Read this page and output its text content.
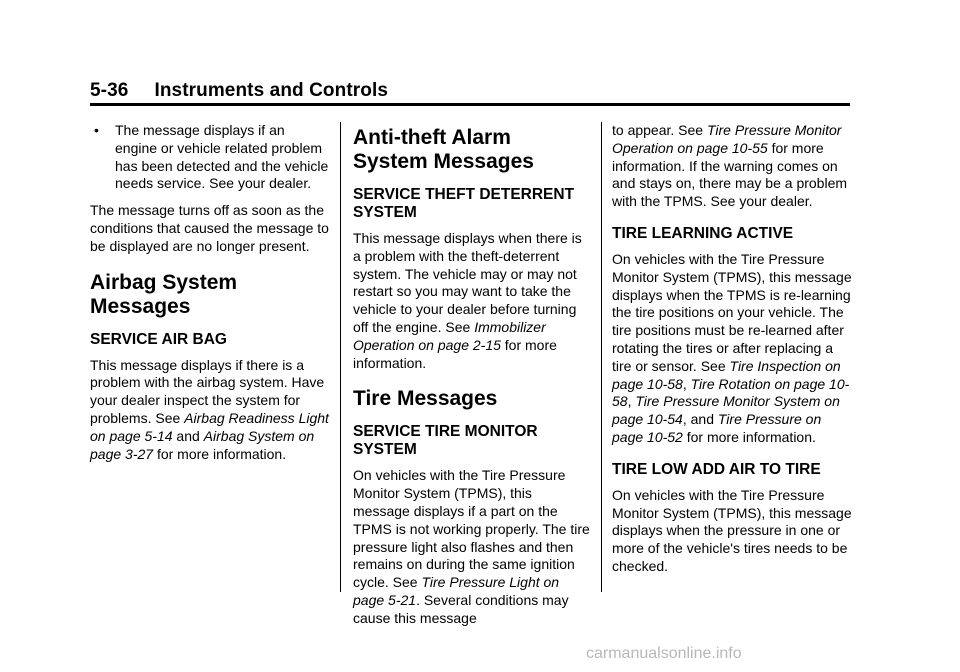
5-36 Instruments and Controls
• The message displays if an engine or vehicle related problem has been detected and the vehicle needs service. See your dealer.

The message turns off as soon as the conditions that caused the message to be displayed are no longer present.

Airbag System Messages
SERVICE AIR BAG

This message displays if there is a problem with the airbag system. Have your dealer inspect the system for problems. See Airbag Readiness Light on page 5-14 and Airbag System on page 3-27 for more information.

Anti-theft Alarm System Messages
SERVICE THEFT DETERRENT SYSTEM

This message displays when there is a problem with the theft-deterrent system. The vehicle may or may not restart so you may want to take the vehicle to your dealer before turning off the engine. See Immobilizer Operation on page 2-15 for more information.

Tire Messages
SERVICE TIRE MONITOR SYSTEM

On vehicles with the Tire Pressure Monitor System (TPMS), this message displays if a part on the TPMS is not working properly. The tire pressure light also flashes and then remains on during the same ignition cycle. See Tire Pressure Light on page 5-21. Several conditions may cause this message

to appear. See Tire Pressure Monitor Operation on page 10-55 for more information. If the warning comes on and stays on, there may be a problem with the TPMS. See your dealer.

TIRE LEARNING ACTIVE

On vehicles with the Tire Pressure Monitor System (TPMS), this message displays when the TPMS is re-learning the tire positions on your vehicle. The tire positions must be re-learned after rotating the tires or after replacing a tire or sensor. See Tire Inspection on page 10-58, Tire Rotation on page 10-58, Tire Pressure Monitor System on page 10-54, and Tire Pressure on page 10-52 for more information.

TIRE LOW ADD AIR TO TIRE

On vehicles with the Tire Pressure Monitor System (TPMS), this message displays when the pressure in one or more of the vehicle's tires needs to be checked.

carmanualsonline.info
